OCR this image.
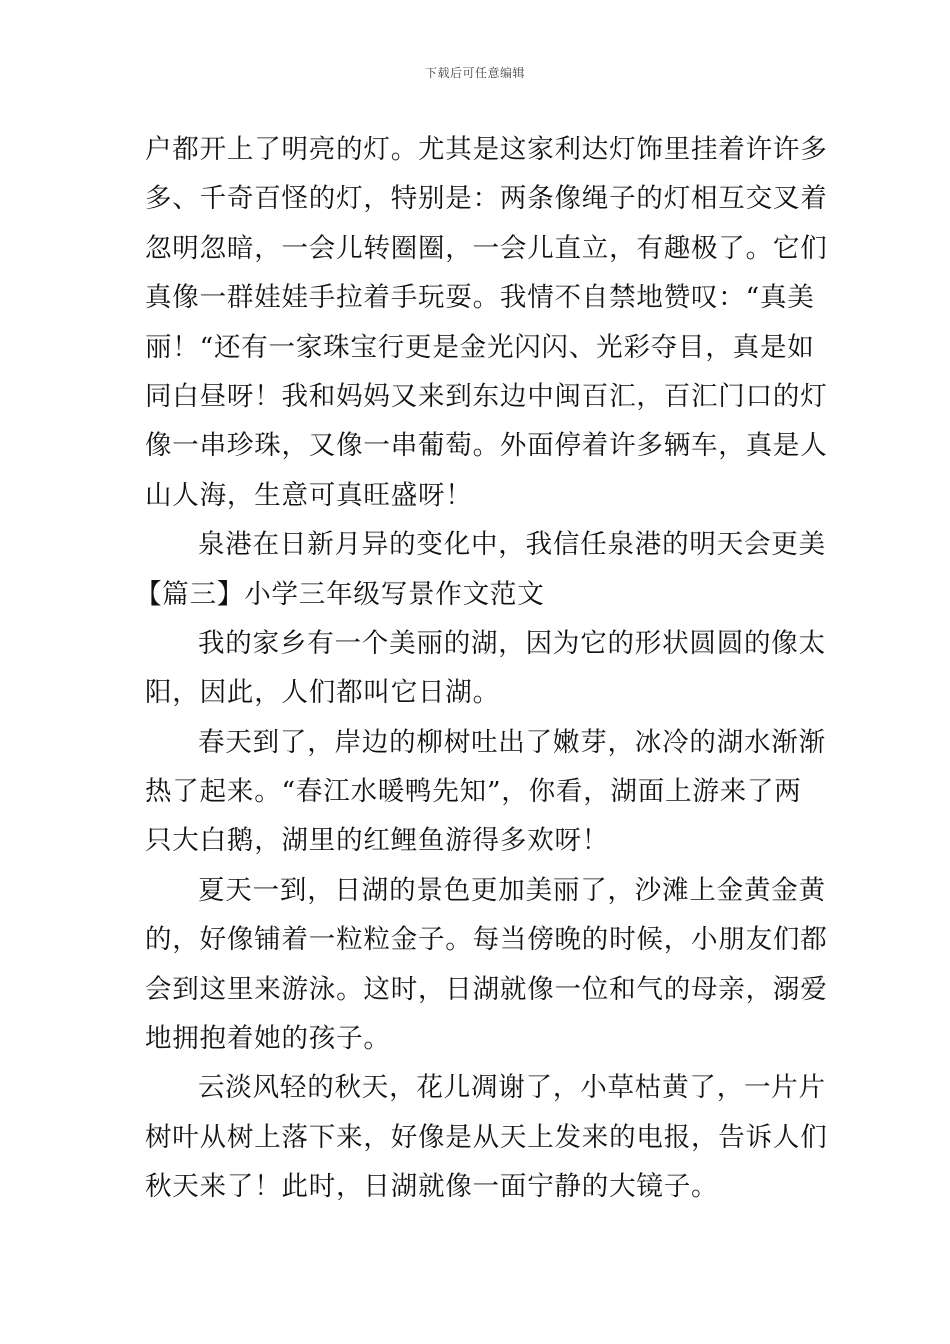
下载后可任意编辑
户都开上了明亮的灯。尤其是这家利达灯饰里挂着许许多
多、千奇百怪的灯，特别是：两条像绳子的灯相互交叉着
忽明忽暗，一会儿转圈圈，一会儿直立，有趣极了。它们
真像一群娃娃手拉着手玩耍。我情不自禁地赞叹：“真美
丽！“还有一家珠宝行更是金光闪闪、光彩夺目，真是如
同白昼呀！我和妈妈又来到东边中闽百汇，百汇门口的灯
像一串珍珠，又像一串葡萄。外面停着许多辆车，真是人
山人海，生意可真旺盛呀！
泉港在日新月异的变化中，我信任泉港的明天会更美
【篇三】小学三年级写景作文范文
我的家乡有一个美丽的湖，因为它的形状圆圆的像太
阳，因此，人们都叫它日湖。
春天到了，岸边的柳树吐出了嫩芽，冰冷的湖水渐渐
热了起来。“春江水暖鸭先知”，你看，湖面上游来了两
只大白鹅，湖里的红鲤鱼游得多欢呀！
夏天一到，日湖的景色更加美丽了，沙滩上金黄金黄
的，好像铺着一粒粒金子。每当傍晚的时候，小朋友们都
会到这里来游泳。这时，日湖就像一位和气的母亲，溺爱
地拥抱着她的孩子。
云淡风轻的秋天，花儿凋谢了，小草枯黄了，一片片
树叶从树上落下来，好像是从天上发来的电报，告诉人们
秋天来了！此时，日湖就像一面宁静的大镜子。
